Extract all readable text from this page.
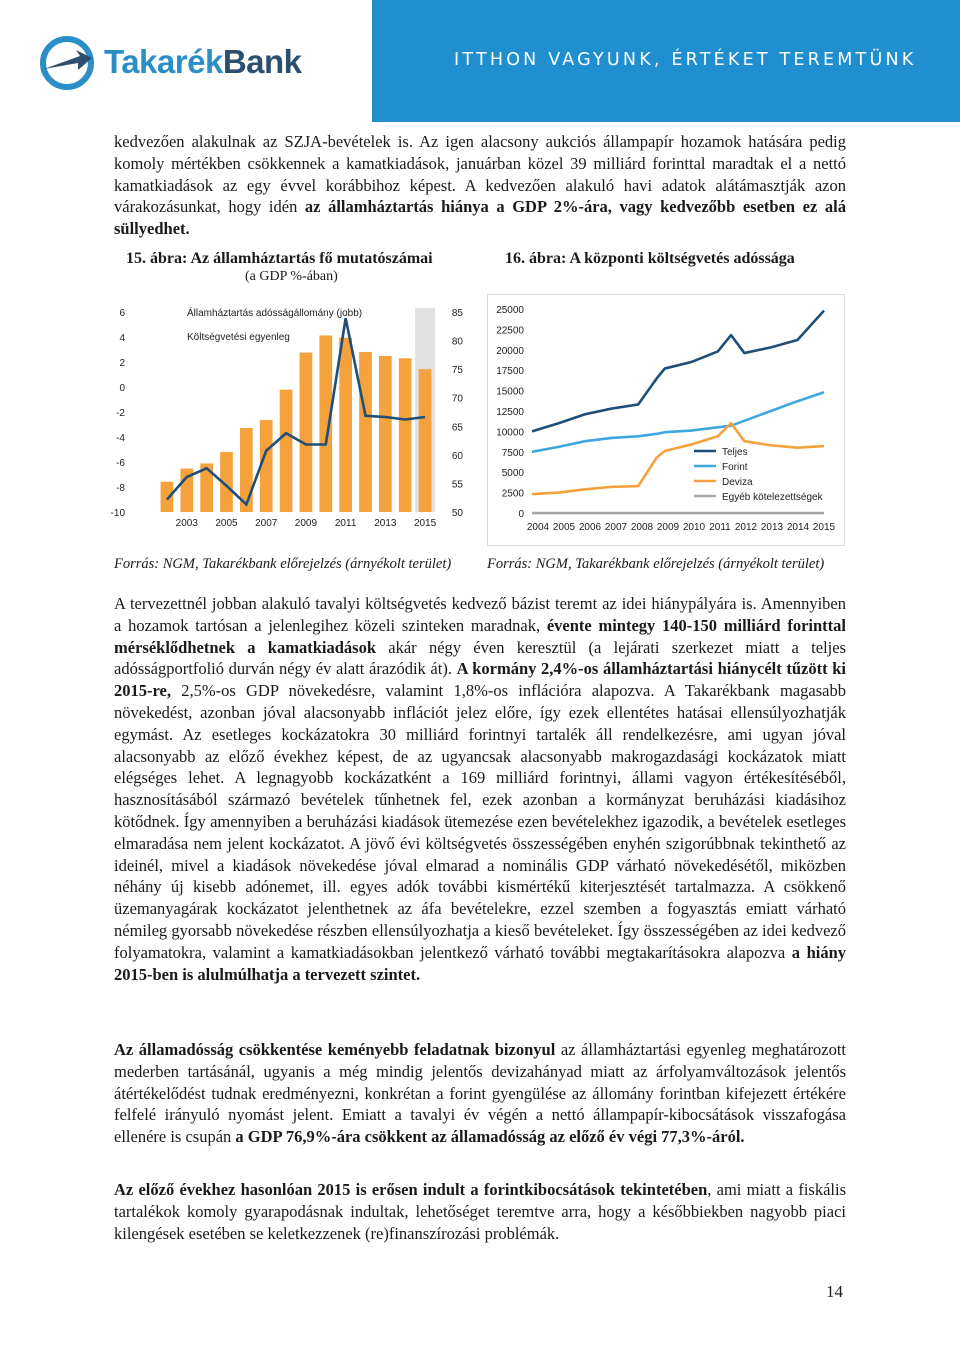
TakarékBank	ITTHON VAGYUNK, ÉRTÉKET TEREMTÜNK

kedvezően alakulnak az SZJA-bevételek is. Az igen alacsony aukciós állampapír hozamok hatására pedig komoly mértékben csökkennek a kamatkiadások, januárban közel 39 milliárd forinttal maradtak el a nettó kamatkiadások az egy évvel korábbihoz képest. A kedvezően alakuló havi adatok alátámasztják azon várakozásunkat, hogy idén az államháztartás hiánya a GDP 2%-ára, vagy kedvezőbb esetben ez alá süllyedhet.

15. ábra: Az államháztartás fő mutatószámai
(a GDP %-ában)
16. ábra: A központi költségvetés adóssága
6
4
2
0
-2
-4
-6
-8
-10
85
80
75
70
65
60
55
50
2003 2005 2007 2009 2011 2013 2015
Államháztartás adósságállomány (jobb)
Költségvetési egyenleg
25000
22500
20000
17500
15000
12500
10000
7500
5000
2500
0
2004 2005 2006 2007 2008 2009 2010 2011 2012 2013 2014 2015
Teljes
Forint
Deviza
Egyéb kötelezettségek
Forrás: NGM, Takarékbank előrejelzés (árnyékolt terület) Forrás: NGM, Takarékbank előrejelzés (árnyékolt terület)

A tervezettnél jobban alakuló tavalyi költségvetés kedvező bázist teremt az idei hiánypályára is. Amennyiben a hozamok tartósan a jelenlegihez közeli szinteken maradnak, évente mintegy 140-150 milliárd forinttal mérséklődhetnek a kamatkiadások akár négy éven keresztül (a lejárati szerkezet miatt a teljes adósságportfolió durván négy év alatt árazódik át). A kormány 2,4%-os államháztartási hiánycélt tűzött ki 2015-re, 2,5%-os GDP növekedésre, valamint 1,8%-os inflációra alapozva. A Takarékbank magasabb növekedést, azonban jóval alacsonyabb inflációt jelez előre, így ezek ellentétes hatásai ellensúlyozhatják egymást. Az esetleges kockázatokra 30 milliárd forintnyi tartalék áll rendelkezésre, ami ugyan jóval alacsonyabb az előző évekhez képest, de az ugyancsak alacsonyabb makrogazdasági kockázatok miatt elégséges lehet. A legnagyobb kockázatként a 169 milliárd forintnyi, állami vagyon értékesítéséből, hasznosításából származó bevételek tűnhetnek fel, ezek azonban a kormányzat beruházási kiadásihoz kötődnek. Így amennyiben a beruházási kiadások ütemezése ezen bevételekhez igazodik, a bevételek esetleges elmaradása nem jelent kockázatot. A jövő évi költségvetés összességében enyhén szigorúbbnak tekinthető az ideinél, mivel a kiadások növekedése jóval elmarad a nominális GDP várható növekedésétől, miközben néhány új kisebb adónemet, ill. egyes adók további kismértékű kiterjesztését tartalmazza. A csökkenő üzemanyagárak kockázatot jelenthetnek az áfa bevételekre, ezzel szemben a fogyasztás emiatt várható némileg gyorsabb növekedése részben ellensúlyozhatja a kieső bevételeket. Így összességében az idei kedvező folyamatokra, valamint a kamatkiadásokban jelentkező várható további megtakarításokra alapozva a hiány 2015-ben is alulmúlhatja a tervezett szintet.

Az államadósság csökkentése keményebb feladatnak bizonyul az államháztartási egyenleg meghatározott mederben tartásánál, ugyanis a még mindig jelentős devizahányad miatt az árfolyamváltozások jelentős átértékelődést tudnak eredményezni, konkrétan a forint gyengülése az állomány forintban kifejezett értékére felfelé irányuló nyomást jelent. Emiatt a tavalyi év végén a nettó állampapír-kibocsátások visszafogása ellenére is csupán a GDP 76,9%-ára csökkent az államadósság az előző év végi 77,3%-áról.

Az előző évekhez hasonlóan 2015 is erősen indult a forintkibocsátások tekintetében, ami miatt a fiskális tartalékok komoly gyarapodásnak indultak, lehetőséget teremtve arra, hogy a későbbiekben nagyobb piaci kilengések esetében se keletkezzenek (re)finanszírozási problémák.

14
